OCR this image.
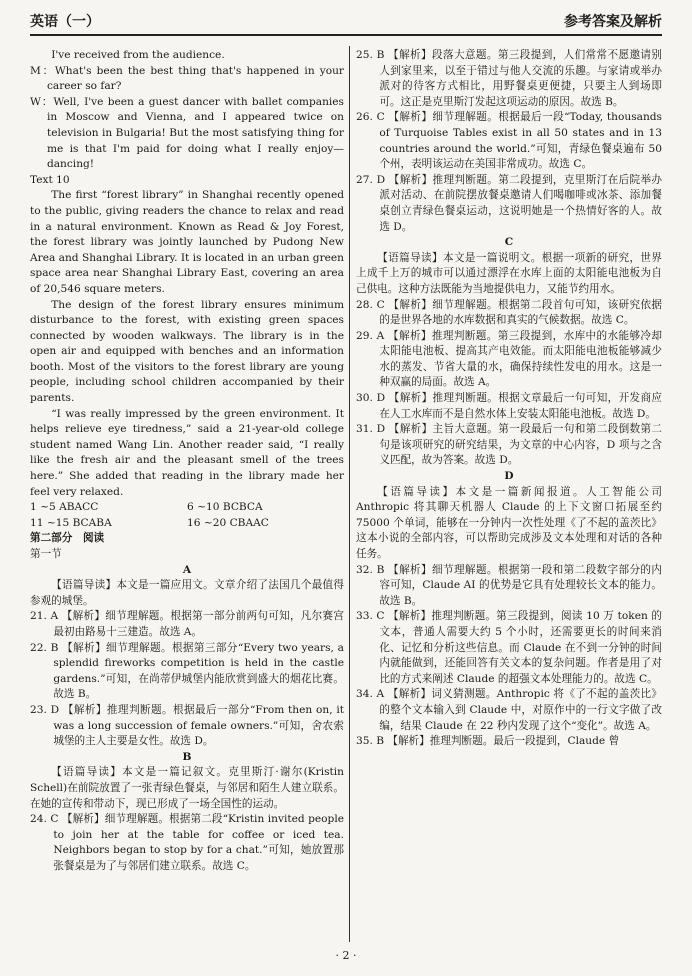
英语（一）	参考答案及解析

I've received from the audience.

M：What's been the best thing that's happened in your career so far?

W：Well, I've been a guest dancer with ballet companies in Moscow and Vienna, and I appeared twice on television in Bulgaria! But the most satisfying thing for me is that I'm paid for doing what I really enjoy—dancing!

Text 10

The first “forest library” in Shanghai recently opened to the public, giving readers the chance to relax and read in a natural environment. Known as Read & Joy Forest, the forest library was jointly launched by Pudong New Area and Shanghai Library. It is located in an urban green space area near Shanghai Library East, covering an area of 20,546 square meters.

The design of the forest library ensures minimum disturbance to the forest, with existing green spaces connected by wooden walkways. The library is in the open air and equipped with benches and an information booth. Most of the visitors to the forest library are young people, including school children accompanied by their parents.

“I was really impressed by the green environment. It helps relieve eye tiredness,” said a 21-year-old college student named Wang Lin. Another reader said, “I really like the fresh air and the pleasant smell of the trees here.” She added that reading in the library made her feel very relaxed.

1 ~5 ABACC	6 ~10 BCBCA
11 ~15 BCABA	16 ~20 CBAAC

第二部分　阅读

第一节

A

【语篇导读】本文是一篇应用文。文章介绍了法国几个最值得参观的城堡。

21. A 【解析】细节理解题。根据第一部分前两句可知，凡尔赛宫最初由路易十三建造。故选 A。

22. B 【解析】细节理解题。根据第三部分“Every two years, a splendid fireworks competition is held in the castle gardens.”可知，在尚蒂伊城堡内能欣赏到盛大的烟花比赛。故选 B。

23. D 【解析】推理判断题。根据最后一部分“From then on, it was a long succession of female owners.”可知，舍农索城堡的主人主要是女性。故选 D。

B

【语篇导读】本文是一篇记叙文。克里斯汀·谢尔(Kristin Schell)在前院放置了一张青绿色餐桌，与邻居和陌生人建立联系。在她的宣传和带动下，现已形成了一场全国性的运动。

24. C 【解析】细节理解题。根据第二段“Kristin invited people to join her at the table for coffee or iced tea. Neighbors began to stop by for a chat.”可知，她放置那张餐桌是为了与邻居们建立联系。故选 C。

25. B 【解析】段落大意题。第三段提到，人们常常不愿邀请别人到家里来，以至于错过与他人交流的乐趣。与家请或举办派对的待客方式相比，用野餐桌更便捷，只要主人到场即可。这正是克里斯汀发起这项运动的原因。故选 B。

26. C 【解析】细节理解题。根据最后一段“Today, thousands of Turquoise Tables exist in all 50 states and in 13 countries around the world.”可知，青绿色餐桌遍布 50 个州，表明该运动在美国非常成功。故选 C。

27. D 【解析】推理判断题。第二段提到，克里斯汀在后院举办派对活动、在前院摆放餐桌邀请人们喝咖啡或冰茶、添加餐桌创立青绿色餐桌运动，这说明她是一个热情好客的人。故选 D。

C

【语篇导读】本文是一篇说明文。根据一项新的研究，世界上成千上万的城市可以通过漂浮在水库上面的太阳能电池板为自己供电。这种方法既能为当地提供电力，又能节约用水。

28. C 【解析】细节理解题。根据第二段首句可知，该研究依据的是世界各地的水库数据和真实的气候数据。故选 C。

29. A 【解析】推理判断题。第三段提到，水库中的水能够冷却太阳能电池板、提高其产电效能。而太阳能电池板能够减少水的蒸发、节省大量的水，确保持续性发电的用水。这是一种双赢的局面。故选 A。

30. D 【解析】推理判断题。根据文章最后一句可知，开发商应在人工水库而不是自然水体上安装太阳能电池板。故选 D。

31. D 【解析】主旨大意题。第一段最后一句和第二段倒数第二句是该项研究的研究结果，为文章的中心内容，D 项与之含义匹配，故为答案。故选 D。

D

【语篇导读】本文是一篇新闻报道。人工智能公司 Anthropic 将其聊天机器人 Claude 的上下文窗口拓展至约 75000 个单词，能够在一分钟内一次性处理《了不起的盖茨比》这本小说的全部内容，可以帮助完成涉及文本处理和对话的各种任务。

32. B 【解析】细节理解题。根据第一段和第二段数字部分的内容可知，Claude AI 的优势是它具有处理较长文本的能力。故选 B。

33. C 【解析】推理判断题。第三段提到，阅读 10 万 token 的文本，普通人需要大约 5 个小时，还需要更长的时间来消化、记忆和分析这些信息。而 Claude 在不到一分钟的时间内就能做到，还能回答有关文本的复杂问题。作者是用了对比的方式来阐述 Claude 的超强文本处理能力的。故选 C。

34. A 【解析】词义猜测题。Anthropic 将《了不起的盖茨比》的整个文本输入到 Claude 中，对原作中的一行文字做了改编，结果 Claude 在 22 秒内发现了这个“变化”。故选 A。

35. B 【解析】推理判断题。最后一段提到，Claude 曾

· 2 ·
